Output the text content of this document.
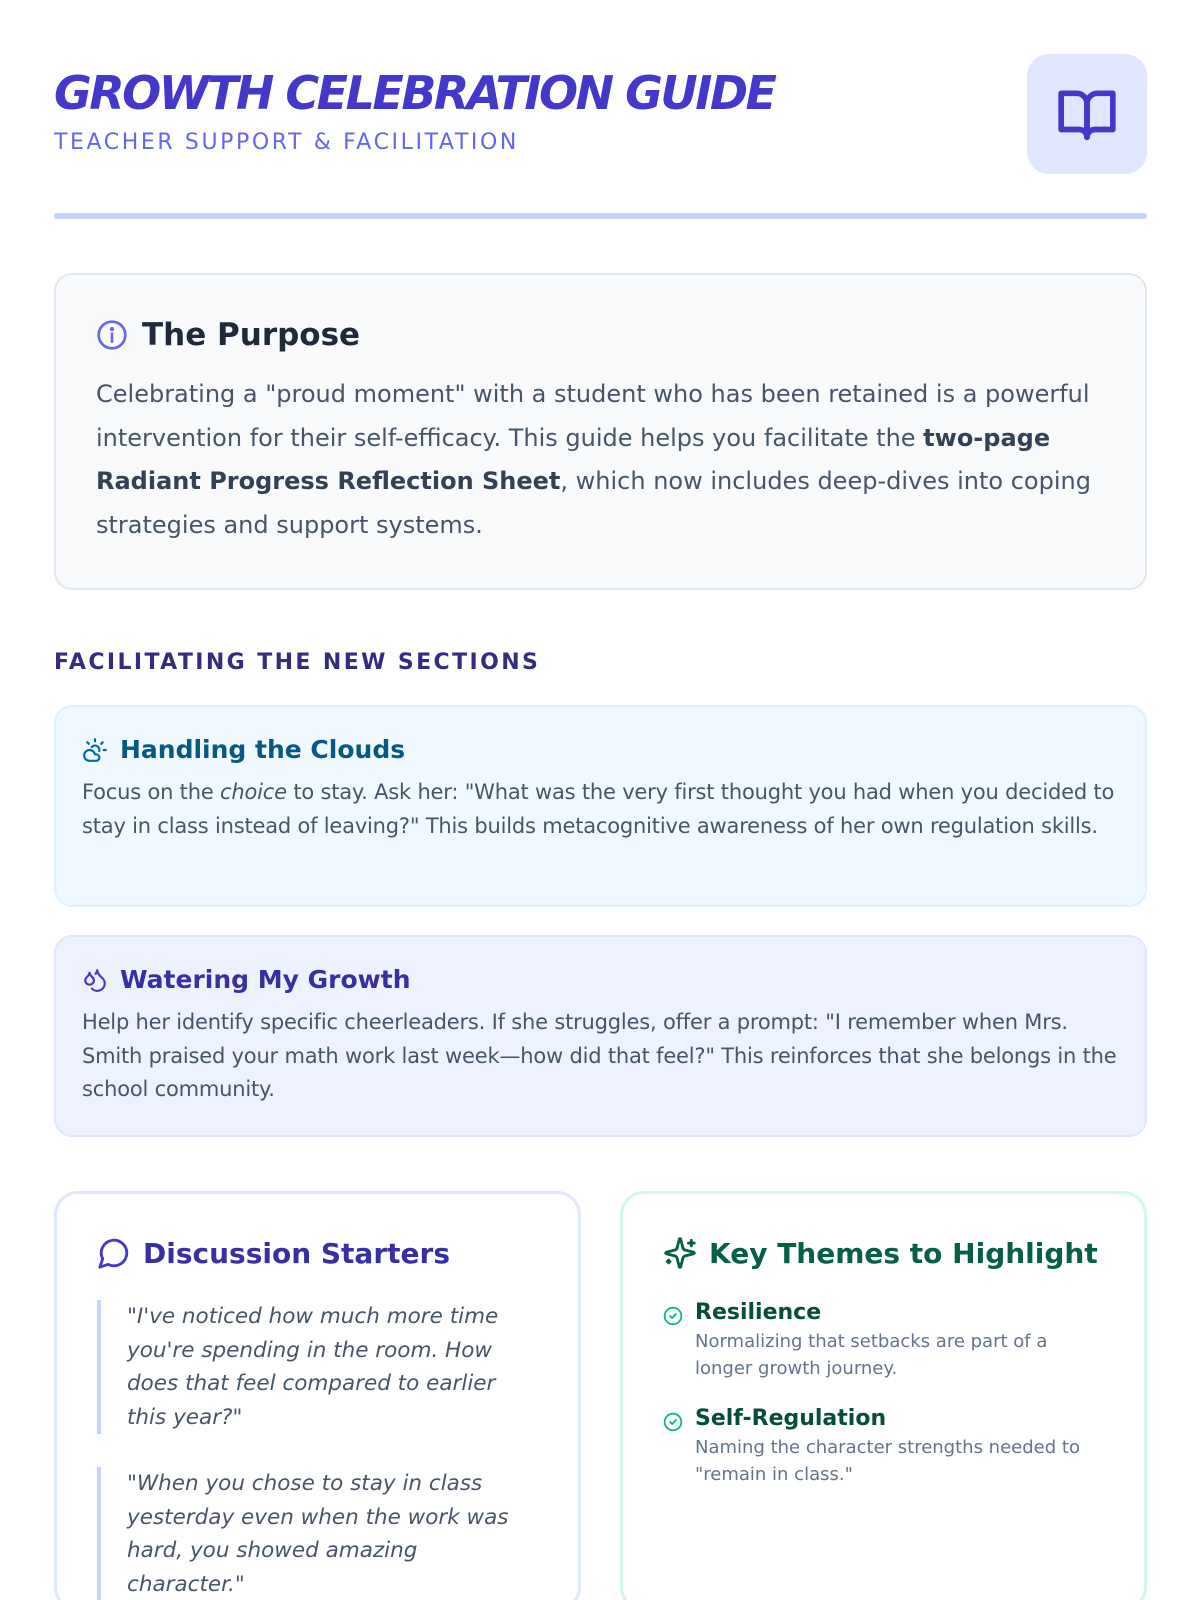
GROWTH CELEBRATION GUIDE
TEACHER SUPPORT & FACILITATION
The Purpose

Celebrating a "proud moment" with a student who has been retained is a powerful intervention for their self-efficacy. This guide helps you facilitate the two-page Radiant Progress Reflection Sheet, which now includes deep-dives into coping strategies and support systems.

FACILITATING THE NEW SECTIONS
Handling the Clouds

Focus on the choice to stay. Ask her: "What was the very first thought you had when you decided to stay in class instead of leaving?" This builds metacognitive awareness of her own regulation skills.

Watering My Growth

Help her identify specific cheerleaders. If she struggles, offer a prompt: "I remember when Mrs. Smith praised your math work last week—how did that feel?" This reinforces that she belongs in the school community.

Discussion Starters

"I've noticed how much more time you're spending in the room. How does that feel compared to earlier this year?"

"When you chose to stay in class yesterday even when the work was hard, you showed amazing character."

Key Themes to Highlight
Resilience
Normalizing that setbacks are part of a longer growth journey.
Self-Regulation
Naming the character strengths needed to "remain in class."
